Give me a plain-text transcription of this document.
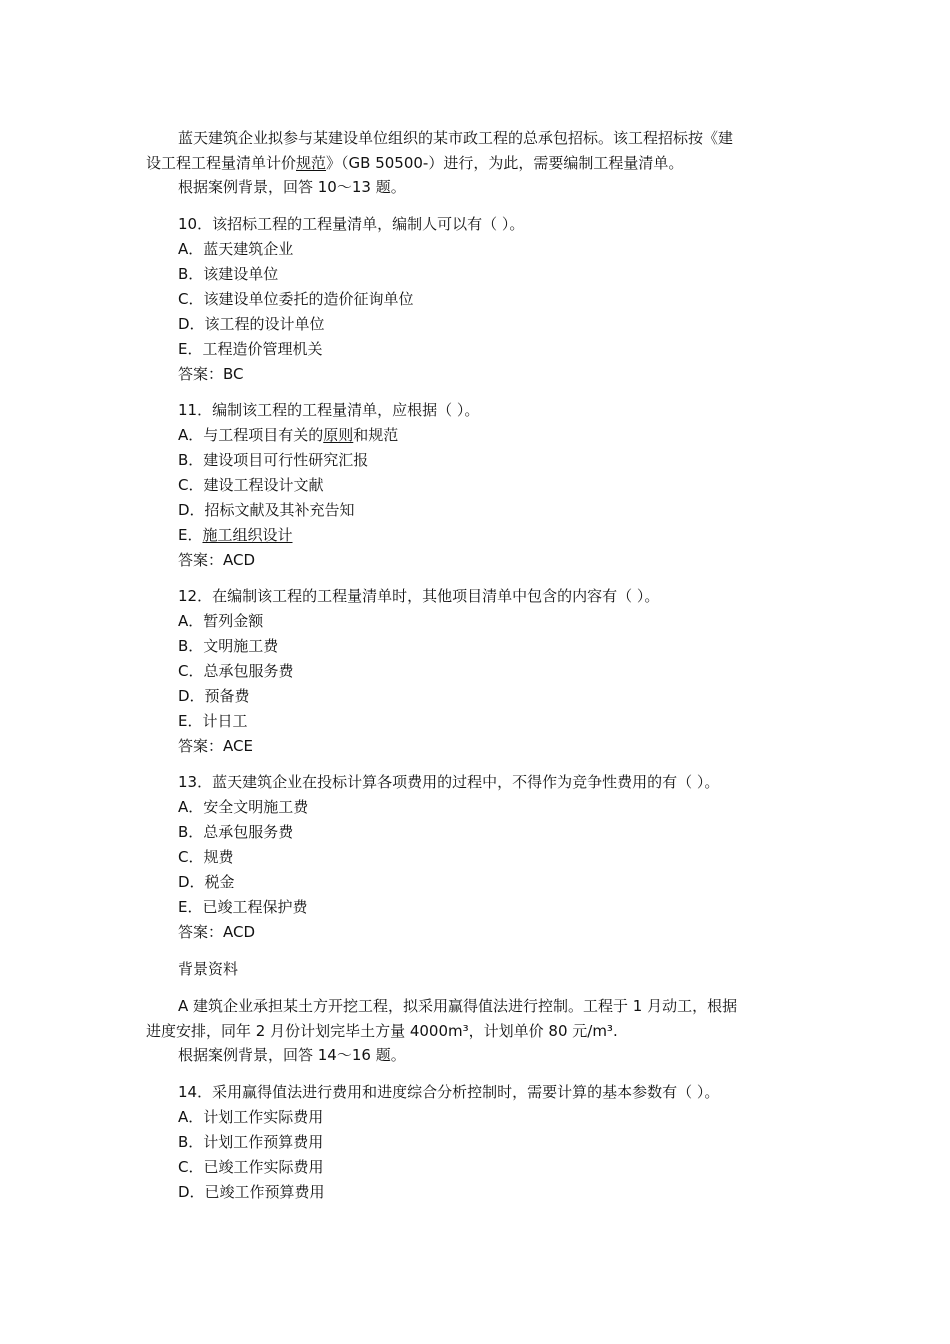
蓝天建筑企业拟参与某建设单位组织的某市政工程的总承包招标。该工程招标按《建
设工程工程量清单计价规范》（GB 50500-）进行，为此，需要编制工程量清单。
根据案例背景，回答 10～13 题。
10．该招标工程的工程量清单，编制人可以有（ ）。
A．蓝天建筑企业
B．该建设单位
C．该建设单位委托的造价征询单位
D．该工程的设计单位
E．工程造价管理机关
答案：BC
11．编制该工程的工程量清单，应根据（ ）。
A．与工程项目有关的原则和规范
B．建设项目可行性研究汇报
C．建设工程设计文献
D．招标文献及其补充告知
E．施工组织设计
答案：ACD
12．在编制该工程的工程量清单时，其他项目清单中包含的内容有（ ）。
A．暂列金额
B．文明施工费
C．总承包服务费
D．预备费
E．计日工
答案：ACE
13．蓝天建筑企业在投标计算各项费用的过程中，不得作为竞争性费用的有（ ）。
A．安全文明施工费
B．总承包服务费
C．规费
D．税金
E．已竣工程保护费
答案：ACD
背景资料
A 建筑企业承担某土方开挖工程，拟采用赢得值法进行控制。工程于 1 月动工，根据
进度安排，同年 2 月份计划完毕土方量 4000m³，计划单价 80 元/m³.
根据案例背景，回答 14～16 题。
14．采用赢得值法进行费用和进度综合分析控制时，需要计算的基本参数有（ ）。
A．计划工作实际费用
B．计划工作预算费用
C．已竣工作实际费用
D．已竣工作预算费用
